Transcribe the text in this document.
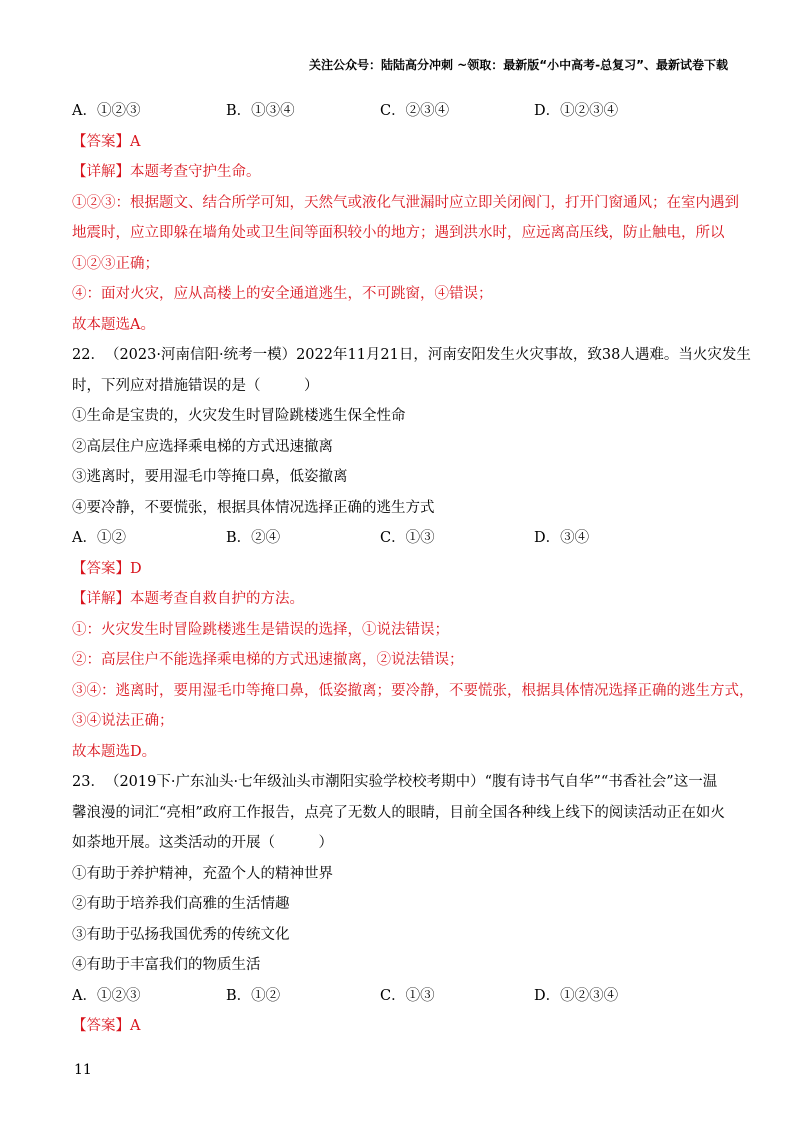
关注公众号：陆陆高分冲刺 ~领取：最新版“小中高考-总复习”、最新试卷下载
A．①②③	B．①③④	C．②③④	D．①②③④
【答案】A
【详解】本题考查守护生命。
①②③：根据题文、结合所学可知，天然气或液化气泄漏时应立即关闭阀门，打开门窗通风；在室内遇到
地震时，应立即躲在墙角处或卫生间等面积较小的地方；遇到洪水时，应远离高压线，防止触电，所以
①②③正确；
④：面对火灾，应从高楼上的安全通道逃生，不可跳窗，④错误；
故本题选A。
22．　（2023·河南信阳·统考一模）2022年11月21日，河南安阳发生火灾事故，致38人遇难。当火灾发生
时，下列应对措施错误的是（　　　）
①生命是宝贵的，火灾发生时冒险跳楼逃生保全性命
②高层住户应选择乘电梯的方式迅速撤离
③逃离时，要用湿毛巾等掩口鼻，低姿撤离
④要冷静，不要慌张，根据具体情况选择正确的逃生方式
A．①②	B．②④	C．①③	D．③④
【答案】D
【详解】本题考查自救自护的方法。
①：火灾发生时冒险跳楼逃生是错误的选择，①说法错误；
②：高层住户不能选择乘电梯的方式迅速撤离，②说法错误；
③④：逃离时，要用湿毛巾等掩口鼻，低姿撤离；要冷静，不要慌张，根据具体情况选择正确的逃生方式，
③④说法正确；
故本题选D。
23．　（2019下·广东汕头·七年级汕头市潮阳实验学校校考期中）“腹有诗书气自华”“书香社会”这一温
馨浪漫的词汇“亮相”政府工作报告，点亮了无数人的眼睛，目前全国各种线上线下的阅读活动正在如火
如荼地开展。这类活动的开展（　　　）
①有助于养护精神，充盈个人的精神世界
②有助于培养我们高雅的生活情趣
③有助于弘扬我国优秀的传统文化
④有助于丰富我们的物质生活
A．①②③	B．①②	C．①③	D．①②③④
【答案】A
11
